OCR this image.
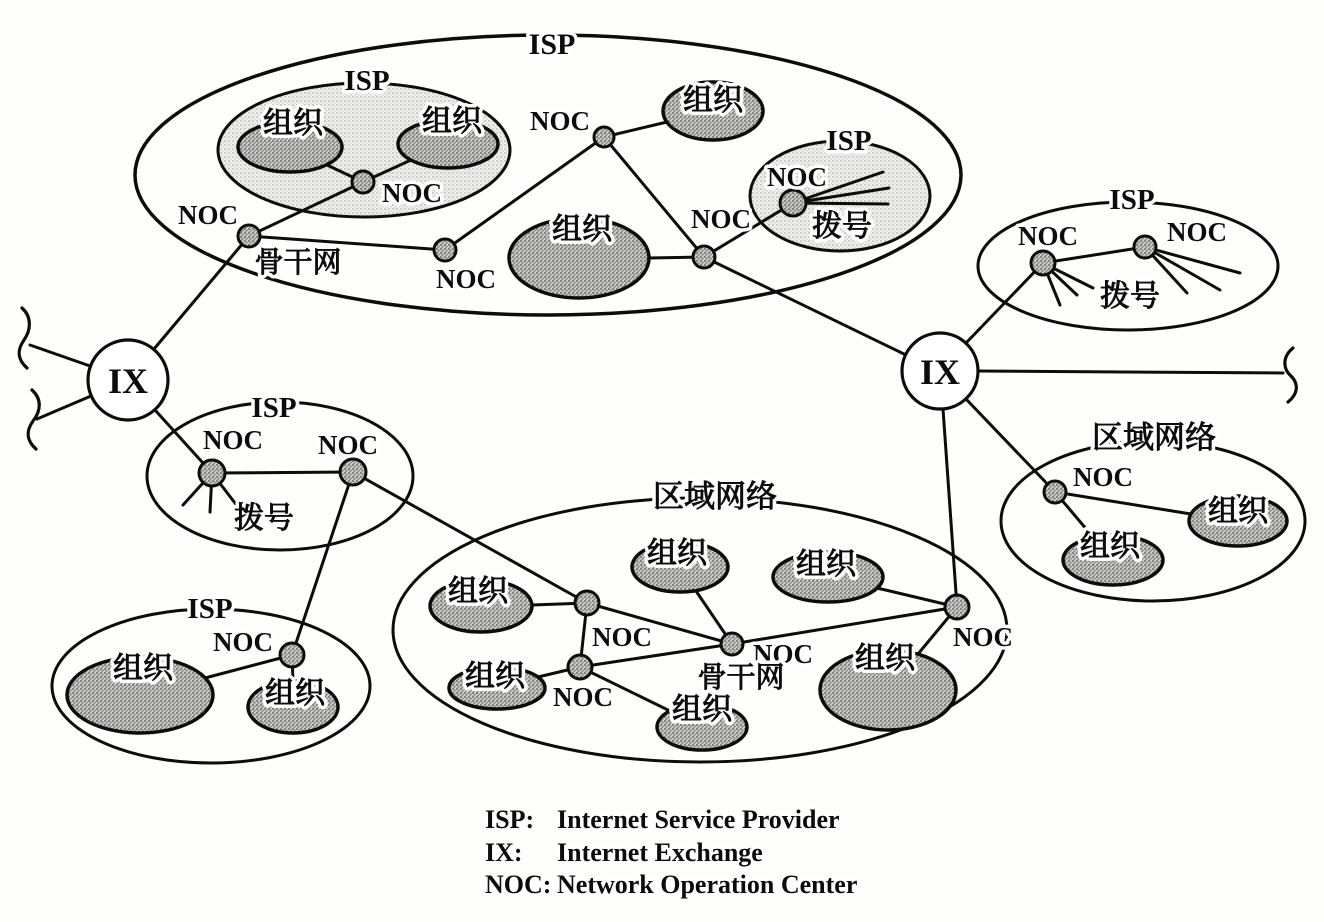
ISP
ISP
ISP
ISP
ISP
ISP
IX	IX
NOC
NOC
NOC
NOC
NOC
NOC
NOC	NOC
NOC NOC
NOC	NOC
NOC
NOC
NOC
NOC
组织	组织
组织
组织
组织
组织
组织	组织
组织
组织
组织
组织
组织
组织
拨号
拨号
拨号
骨干网
骨干网
区域网络
区域网络
ISP: Internet Service Provider
IX: Internet Exchange
NOC: Network Operation Center
